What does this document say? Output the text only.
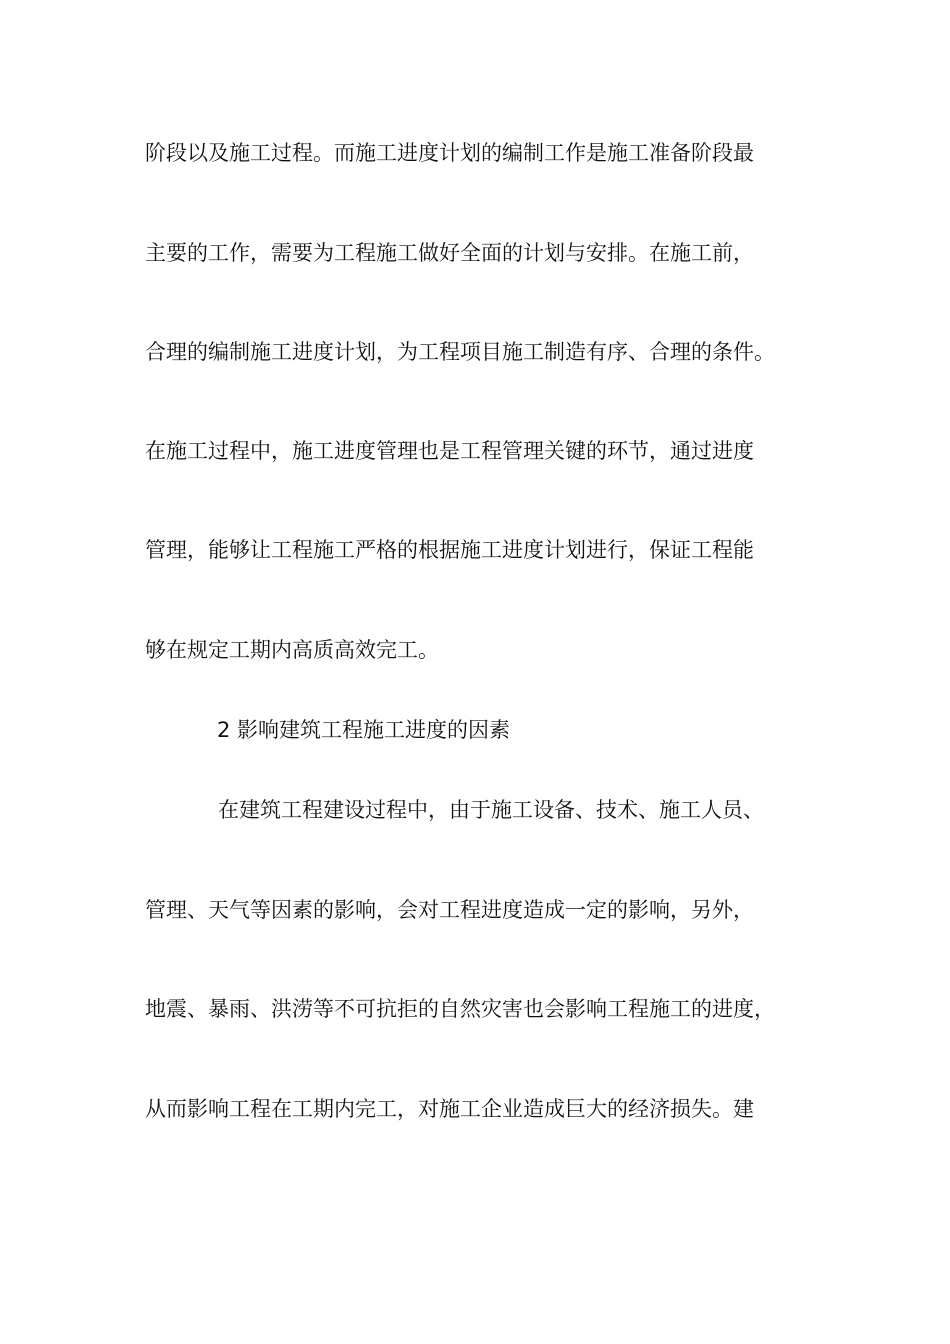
阶段以及施工过程。而施工进度计划的编制工作是施工准备阶段最
主要的工作，需要为工程施工做好全面的计划与安排。在施工前，
合理的编制施工进度计划，为工程项目施工制造有序、合理的条件。
在施工过程中，施工进度管理也是工程管理关键的环节，通过进度
管理，能够让工程施工严格的根据施工进度计划进行，保证工程能
够在规定工期内高质高效完工。
2 影响建筑工程施工进度的因素
在建筑工程建设过程中，由于施工设备、技术、施工人员、
管理、天气等因素的影响，会对工程进度造成一定的影响，另外，
地震、暴雨、洪涝等不可抗拒的自然灾害也会影响工程施工的进度，
从而影响工程在工期内完工，对施工企业造成巨大的经济损失。建
